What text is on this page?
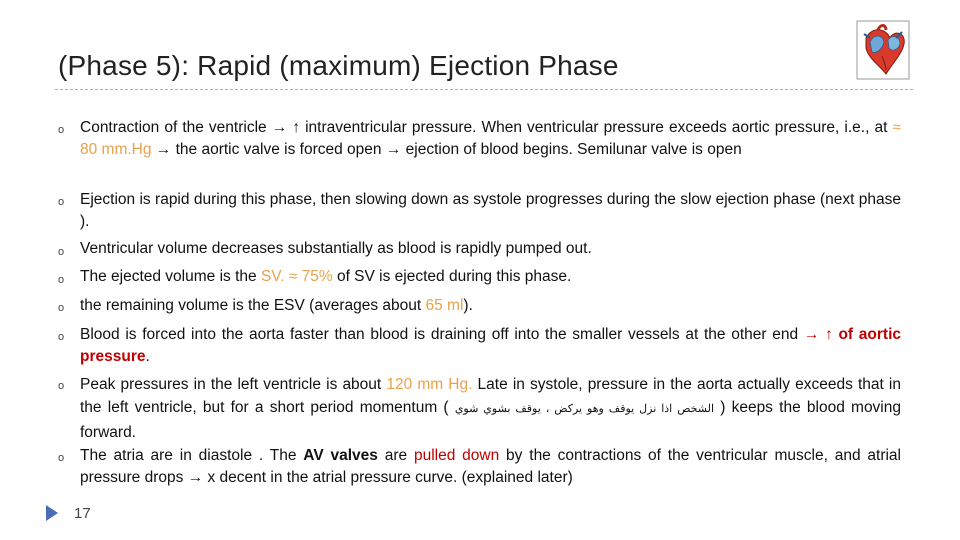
(Phase 5): Rapid (maximum) Ejection Phase
o Contraction of the ventricle → ↑ intraventricular pressure. When ventricular pressure exceeds aortic pressure, i.e., at ≈ 80 mm.Hg → the aortic valve is forced open → ejection of blood begins. Semilunar valve is open
o Ejection is rapid during this phase, then slowing down as systole progresses during the slow ejection phase (next phase ).
o Ventricular volume decreases substantially as blood is rapidly pumped out.
o The ejected volume is the SV. ≈ 75% of SV is ejected during this phase.
o the remaining volume is the ESV (averages about 65 ml).
o Blood is forced into the aorta faster than blood is draining off into the smaller vessels at the other end → ↑ of aortic pressure.
o Peak pressures in the left ventricle is about 120 mm Hg. Late in systole, pressure in the aorta actually exceeds that in the left ventricle, but for a short period momentum ( الشخص اذا نزل يوقف وهو يركض ، يوقف بشوي شوي ) keeps the blood moving forward.
o The atria are in diastole . The AV valves are pulled down by the contractions of the ventricular muscle, and atrial pressure drops → x decent in the atrial pressure curve. (explained later)
17
